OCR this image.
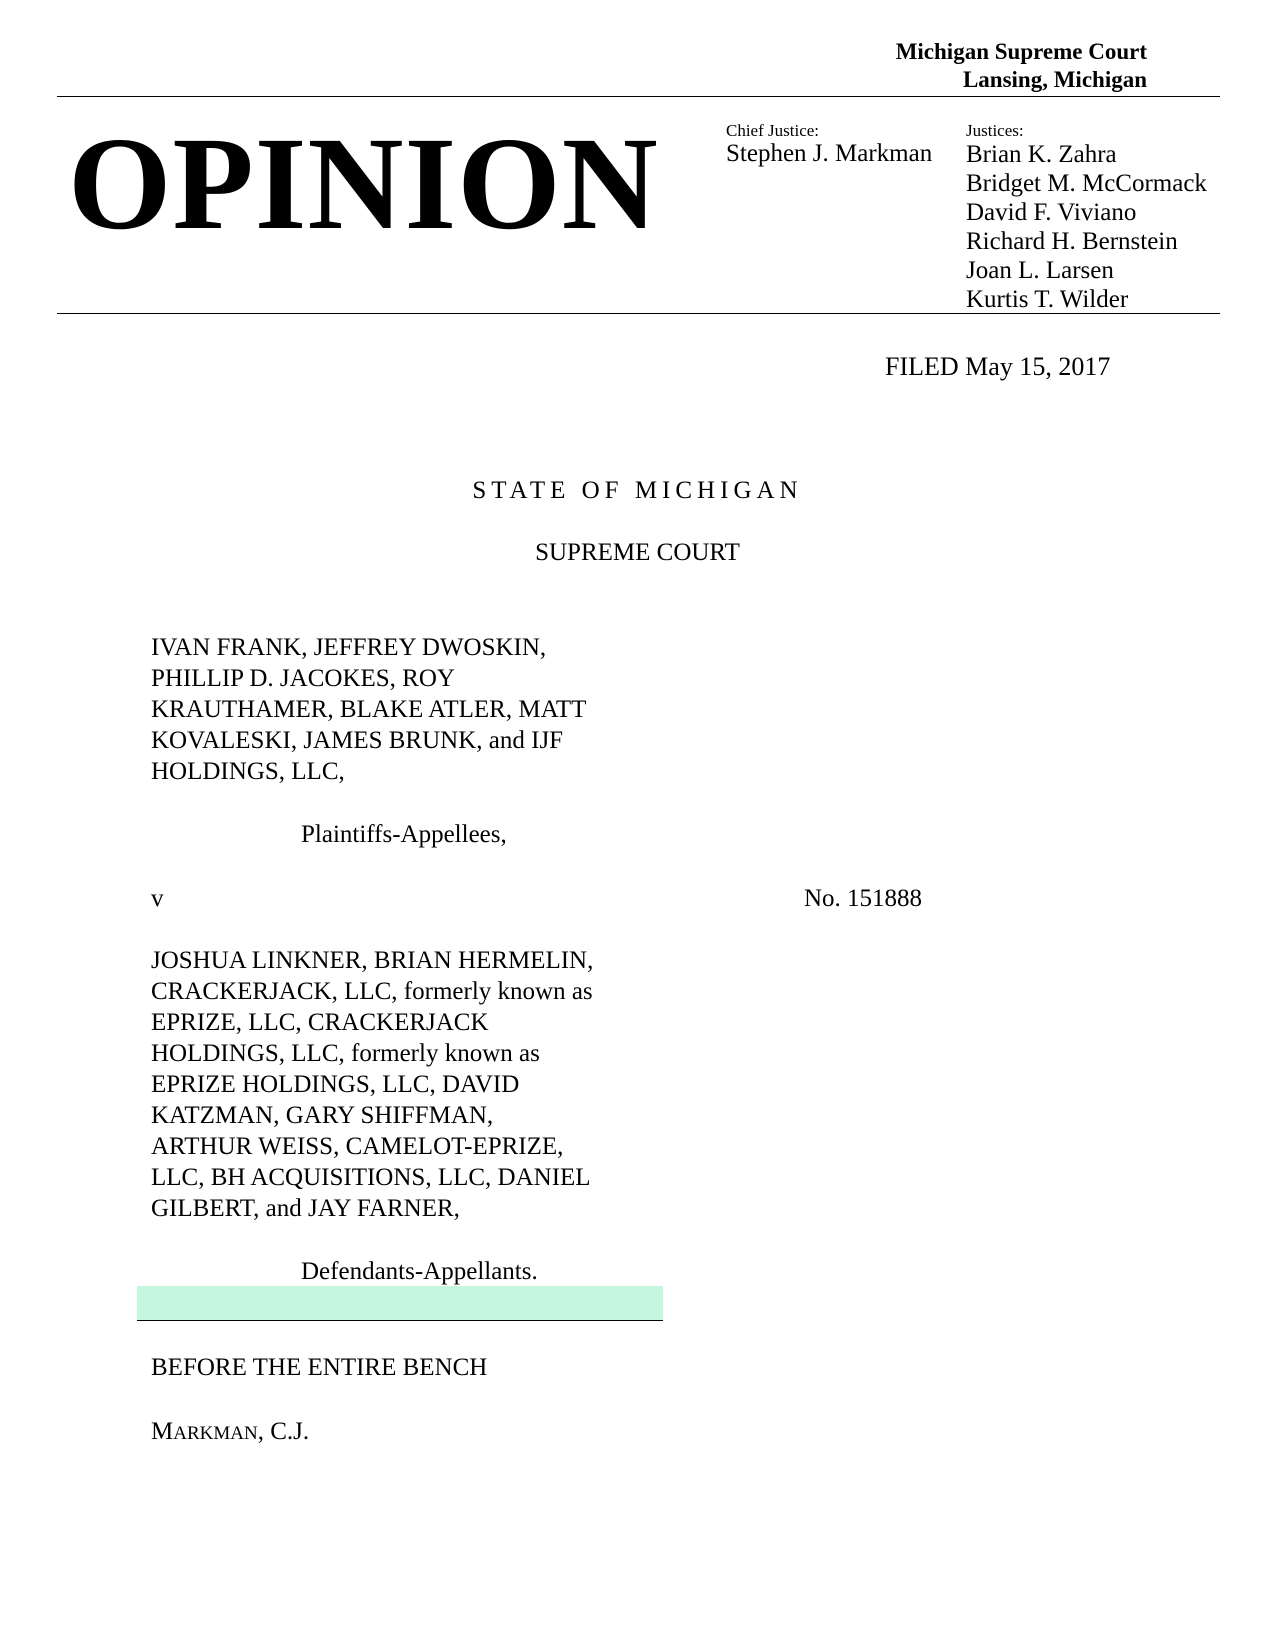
Michigan Supreme Court
Lansing, Michigan
OPINION	Chief Justice:
Stephen J. Markman
Justices:
Brian K. Zahra
Bridget M. McCormack
David F. Viviano
Richard H. Bernstein
Joan L. Larsen
Kurtis T. Wilder
FILED May 15, 2017
STATE OF MICHIGAN
SUPREME COURT
IVAN FRANK, JEFFREY DWOSKIN,
PHILLIP D. JACOKES, ROY
KRAUTHAMER, BLAKE ATLER, MATT
KOVALESKI, JAMES BRUNK, and IJF
HOLDINGS, LLC,
Plaintiffs-Appellees,
v	No. 151888
JOSHUA LINKNER, BRIAN HERMELIN,
CRACKERJACK, LLC, formerly known as
EPRIZE, LLC, CRACKERJACK
HOLDINGS, LLC, formerly known as
EPRIZE HOLDINGS, LLC, DAVID
KATZMAN, GARY SHIFFMAN,
ARTHUR WEISS, CAMELOT-EPRIZE,
LLC, BH ACQUISITIONS, LLC, DANIEL
GILBERT, and JAY FARNER,
Defendants-Appellants.
BEFORE THE ENTIRE BENCH
MARKMAN, C.J.
